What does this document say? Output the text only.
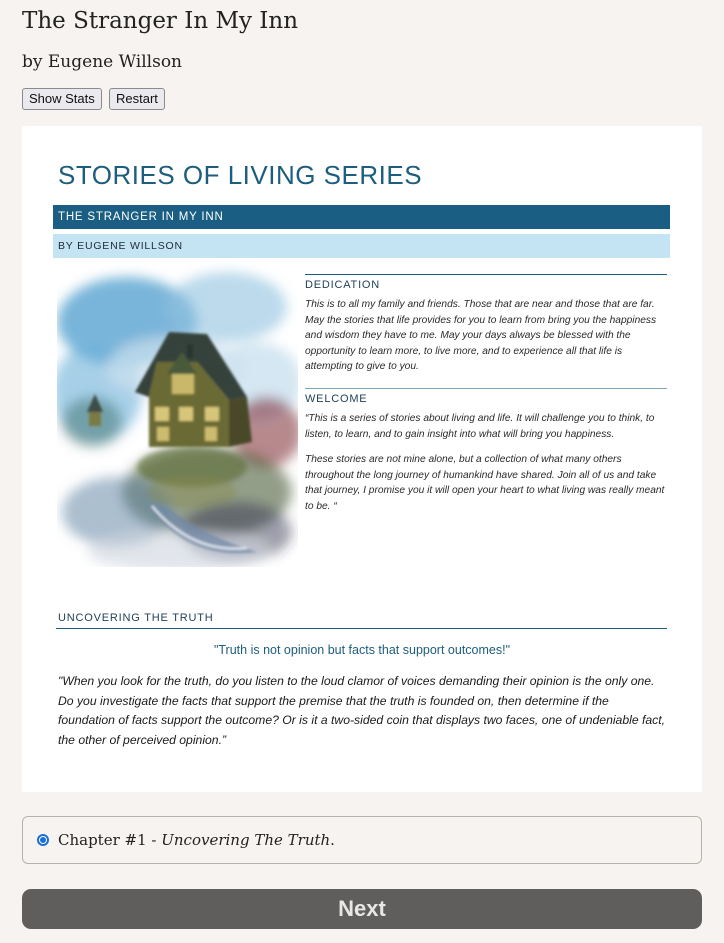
The Stranger In My Inn
by Eugene Willson
Show Stats	Restart
STORIES OF LIVING SERIES
THE STRANGER IN MY INN
BY EUGENE WILLSON
DEDICATION
This is to all my family and friends. Those that are near and those that are far. May the stories that life provides for you to learn from bring you the happiness and wisdom they have to me. May your days always be blessed with the opportunity to learn more, to live more, and to experience all that life is attempting to give to you.
WELCOME
“This is a series of stories about living and life. It will challenge you to think, to listen, to learn, and to gain insight into what will bring you happiness.
These stories are not mine alone, but a collection of what many others throughout the long journey of humankind have shared. Join all of us and take that journey, I promise you it will open your heart to what living was really meant to be. “
UNCOVERING THE TRUTH
"Truth is not opinion but facts that support outcomes!"
"When you look for the truth, do you listen to the loud clamor of voices demanding their opinion is the only one. Do you investigate the facts that support the premise that the truth is founded on, then determine if the foundation of facts support the outcome? Or is it a two-sided coin that displays two faces, one of undeniable fact, the other of perceived opinion.”
Chapter #1 - Uncovering The Truth.
Next
